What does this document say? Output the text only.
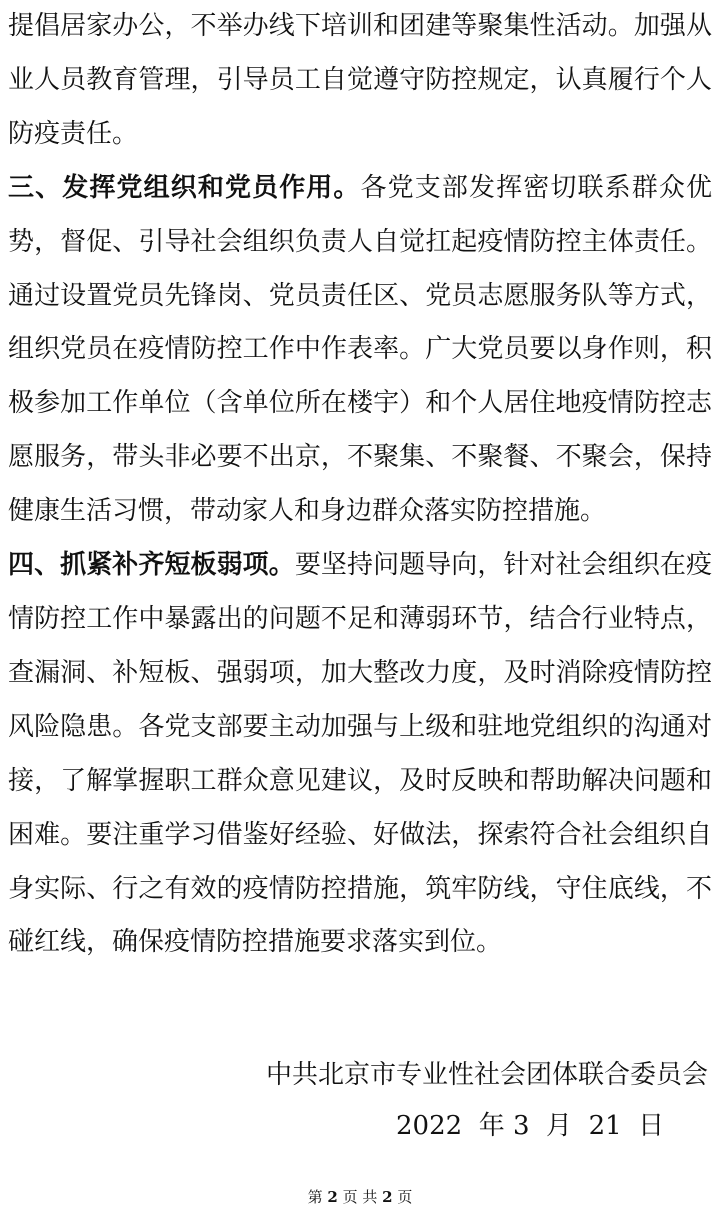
提倡居家办公，不举办线下培训和团建等聚集性活动。加强从业人员教育管理，引导员工自觉遵守防控规定，认真履行个人防疫责任。

三、发挥党组织和党员作用。各党支部发挥密切联系群众优势，督促、引导社会组织负责人自觉扛起疫情防控主体责任。通过设置党员先锋岗、党员责任区、党员志愿服务队等方式，组织党员在疫情防控工作中作表率。广大党员要以身作则，积极参加工作单位（含单位所在楼宇）和个人居住地疫情防控志愿服务，带头非必要不出京，不聚集、不聚餐、不聚会，保持健康生活习惯，带动家人和身边群众落实防控措施。

四、抓紧补齐短板弱项。要坚持问题导向，针对社会组织在疫情防控工作中暴露出的问题不足和薄弱环节，结合行业特点，查漏洞、补短板、强弱项，加大整改力度，及时消除疫情防控风险隐患。各党支部要主动加强与上级和驻地党组织的沟通对接，了解掌握职工群众意见建议，及时反映和帮助解决问题和困难。要注重学习借鉴好经验、好做法，探索符合社会组织自身实际、行之有效的疫情防控措施，筑牢防线，守住底线，不碰红线，确保疫情防控措施要求落实到位。

中共北京市专业性社会团体联合委员会
2022  年 3  月  21  日
第 2 页 共 2 页
